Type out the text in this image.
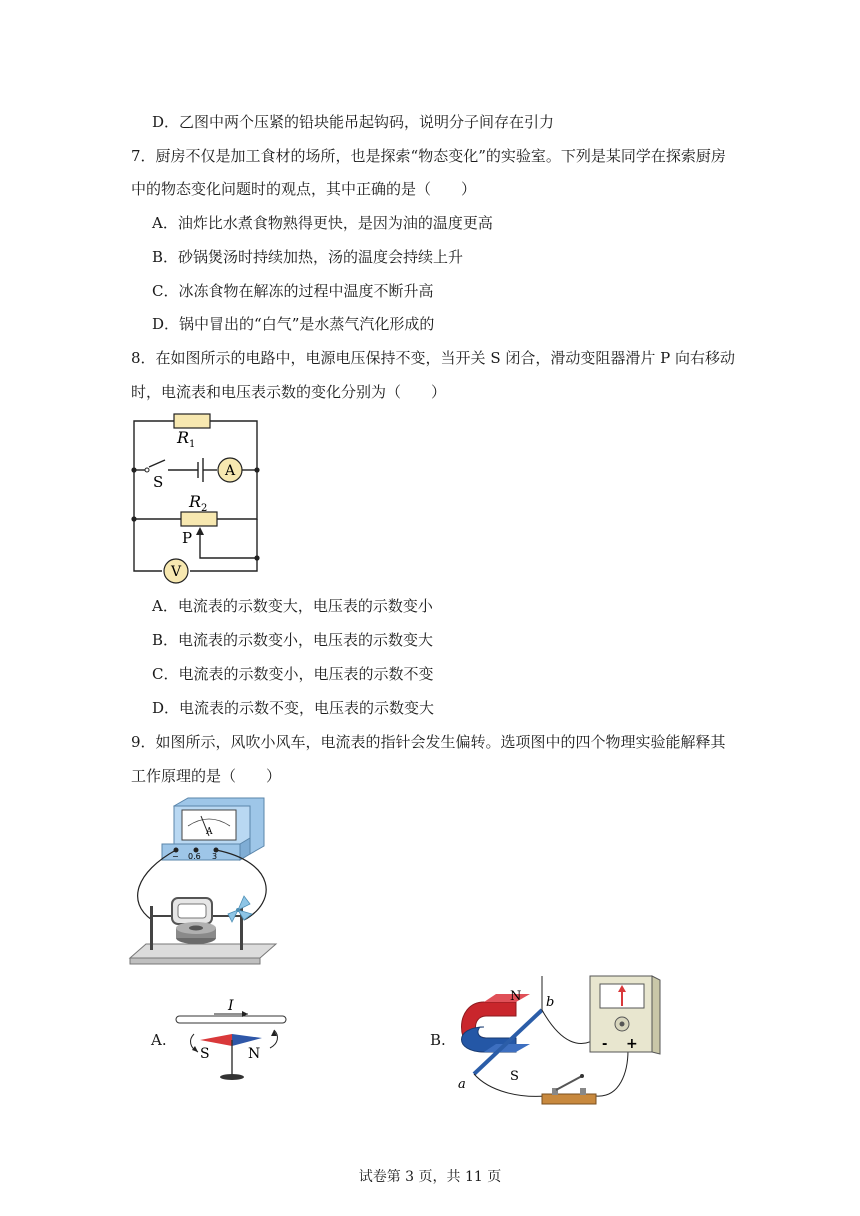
D．乙图中两个压紧的铅块能吊起钩码，说明分子间存在引力
7．厨房不仅是加工食材的场所，也是探索“物态变化”的实验室。下列是某同学在探索厨房
中的物态变化问题时的观点，其中正确的是（　　）
A．油炸比水煮食物熟得更快，是因为油的温度更高
B．砂锅煲汤时持续加热，汤的温度会持续上升
C．冰冻食物在解冻的过程中温度不断升高
D．锅中冒出的“白气”是水蒸气汽化形成的
8．在如图所示的电路中，电源电压保持不变，当开关 S 闭合，滑动变阻器滑片 P 向右移动
时，电流表和电压表示数的变化分别为（　　）
R 1
R 2
S
P
A
V
A．电流表的示数变大，电压表的示数变小
B．电流表的示数变小，电压表的示数变大
C．电流表的示数变小，电压表的示数不变
D．电流表的示数不变，电压表的示数变大
9．如图所示，风吹小风车，电流表的指针会发生偏转。选项图中的四个物理实验能解释其
工作原理的是（　　）
A
− 0.6 3
A.
I
S	N
B.
N
S
a
b
- +
试卷第 3 页，共 11 页
